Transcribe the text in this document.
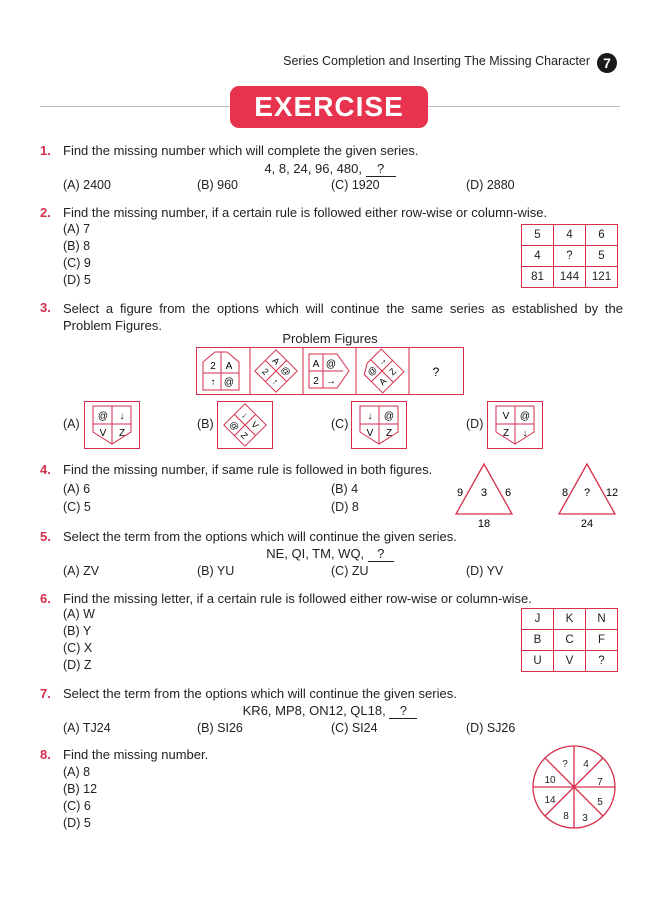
Series Completion and Inserting The Missing Character 7
EXERCISE
1. Find the missing number which will complete the given series.
4, 8, 24, 96, 480, ?
(A) 2400	(B) 960	(C) 1920	(D) 2880
2. Find the missing number, if a certain rule is followed either row-wise or column-wise.
(A) 7
(B) 8
(C) 9
(D) 5
5	4	6
4	?	5
81	144	121
3. Select a figure from the options which will continue the same series as established by the Problem Figures.
Problem Figures
2 A
↑ @
A
@
2
↑
A @
2 →
@
→
A
Z	?
(A)
@ ↓
V Z
(B)
↓
V
@
Z
(C)
↓ @
V Z
(D)
V @
Z ↓
4. Find the missing number, if same rule is followed in both figures.
(A) 6	(B) 4
(C) 5	(D) 8
9 3 6
18
8 ? 12
24
5. Select the term from the options which will continue the given series.
NE, QI, TM, WQ, ?
(A) ZV	(B) YU	(C) ZU	(D) YV
6. Find the missing letter, if a certain rule is followed either row-wise or column-wise.
(A) W
(B) Y
(C) X
(D) Z
J	K	N
B	C	F
U	V	?
7. Select the term from the options which will continue the given series.
KR6, MP8, ON12, QL18, ?
(A) TJ24	(B) SI26	(C) SI24	(D) SJ26
8. Find the missing number.
(A) 8
(B) 12
(C) 6
(D) 5
? 4
7
5
3
8
14
10
